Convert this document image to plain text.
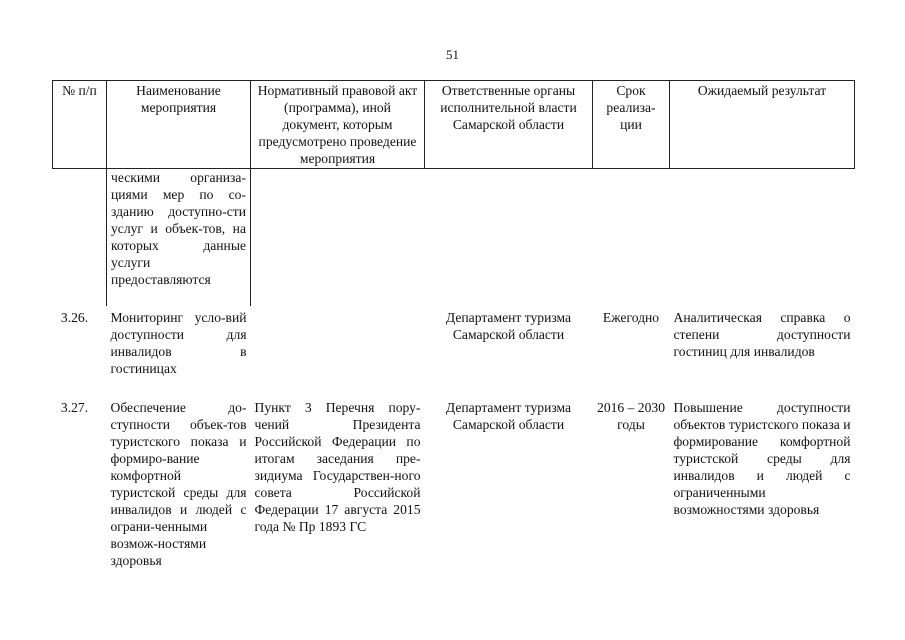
51
№ п/п	Наименование мероприятия	Нормативный правовой акт (программа), иной документ, которым предусмотрено проведение мероприятия	Ответственные органы исполнительной власти Самарской области	Срок реализа-ции	Ожидаемый результат
	ческими организа-циями мер по со-зданию доступно-сти услуг и объек-тов, на которых данные услуги предоставляются				
3.26.	Мониторинг усло-вий доступности для инвалидов в гостиницах		Департамент туризма Самарской области	Ежегодно	Аналитическая справка о степени доступности гостиниц для инвалидов
3.27.	Обеспечение до-ступности объек-тов туристского показа и формиро-вание комфортной туристской среды для инвалидов и людей с ограни-ченными возмож-ностями здоровья	Пункт 3 Перечня пору-чений Президента Российской Федерации по итогам заседания пре-зидиума Государствен-ного совета Российской Федерации 17 августа 2015 года № Пр 1893 ГС	Департамент туризма Самарской области	2016 – 2030 годы	Повышение доступности объектов туристского показа и формирование комфортной туристской среды для инвалидов и людей с ограниченными возможностями здоровья
